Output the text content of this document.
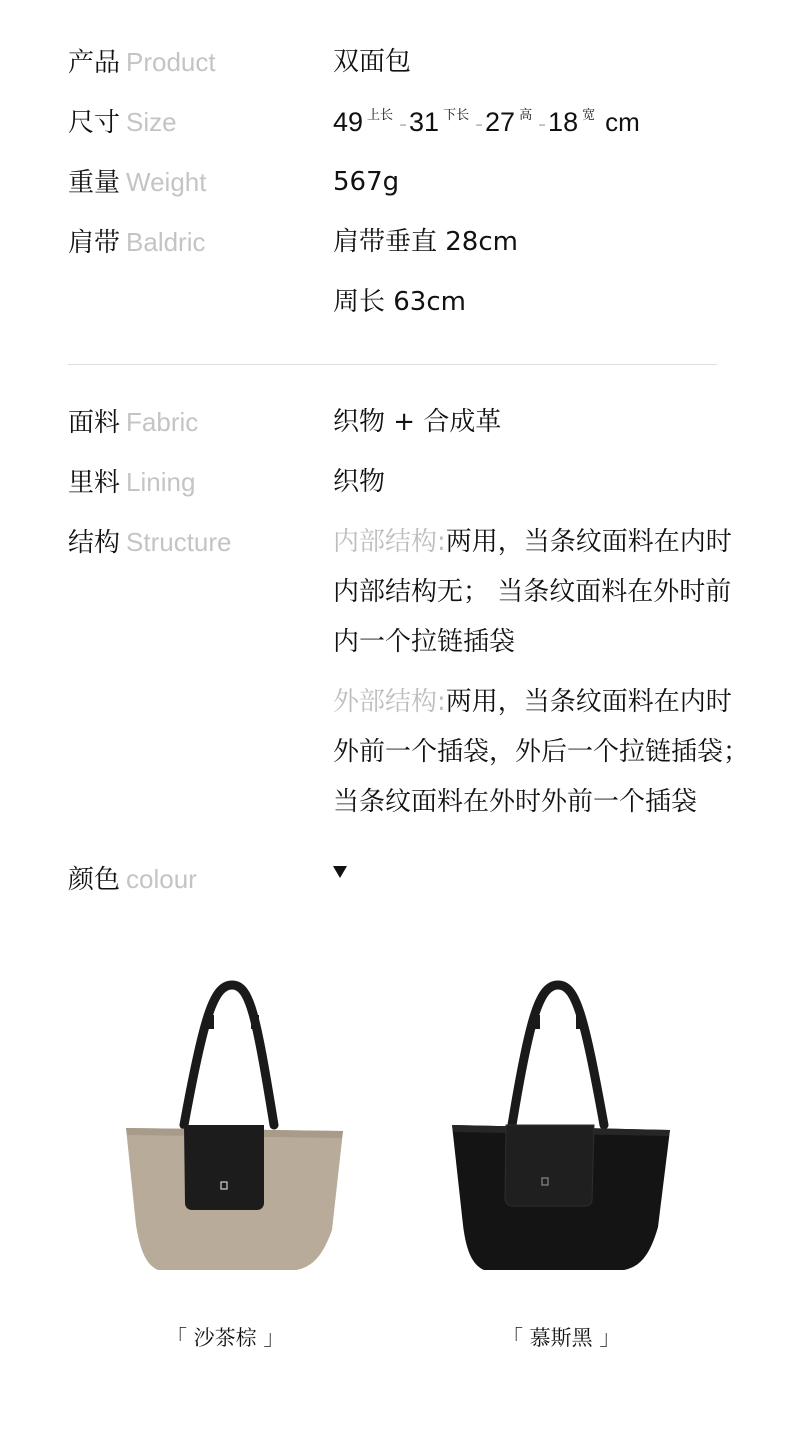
产品 Product	双面包
尺寸 Size	49 上长 - 31 下长 - 27 高 - 18 宽 cm
重量 Weight	567g
肩带 Baldric	肩带垂直 28cm
周长 63cm
面料 Fabric	织物 + 合成革
里料 Lining	织物
结构 Structure	内部结构:两用，当条纹面料在内时
内部结构无； 当条纹面料在外时前
内一个拉链插袋
外部结构:两用，当条纹面料在内时
外前一个插袋，外后一个拉链插袋；
当条纹面料在外时外前一个插袋
颜色 colour
「 沙茶棕 」	「 慕斯黑 」
